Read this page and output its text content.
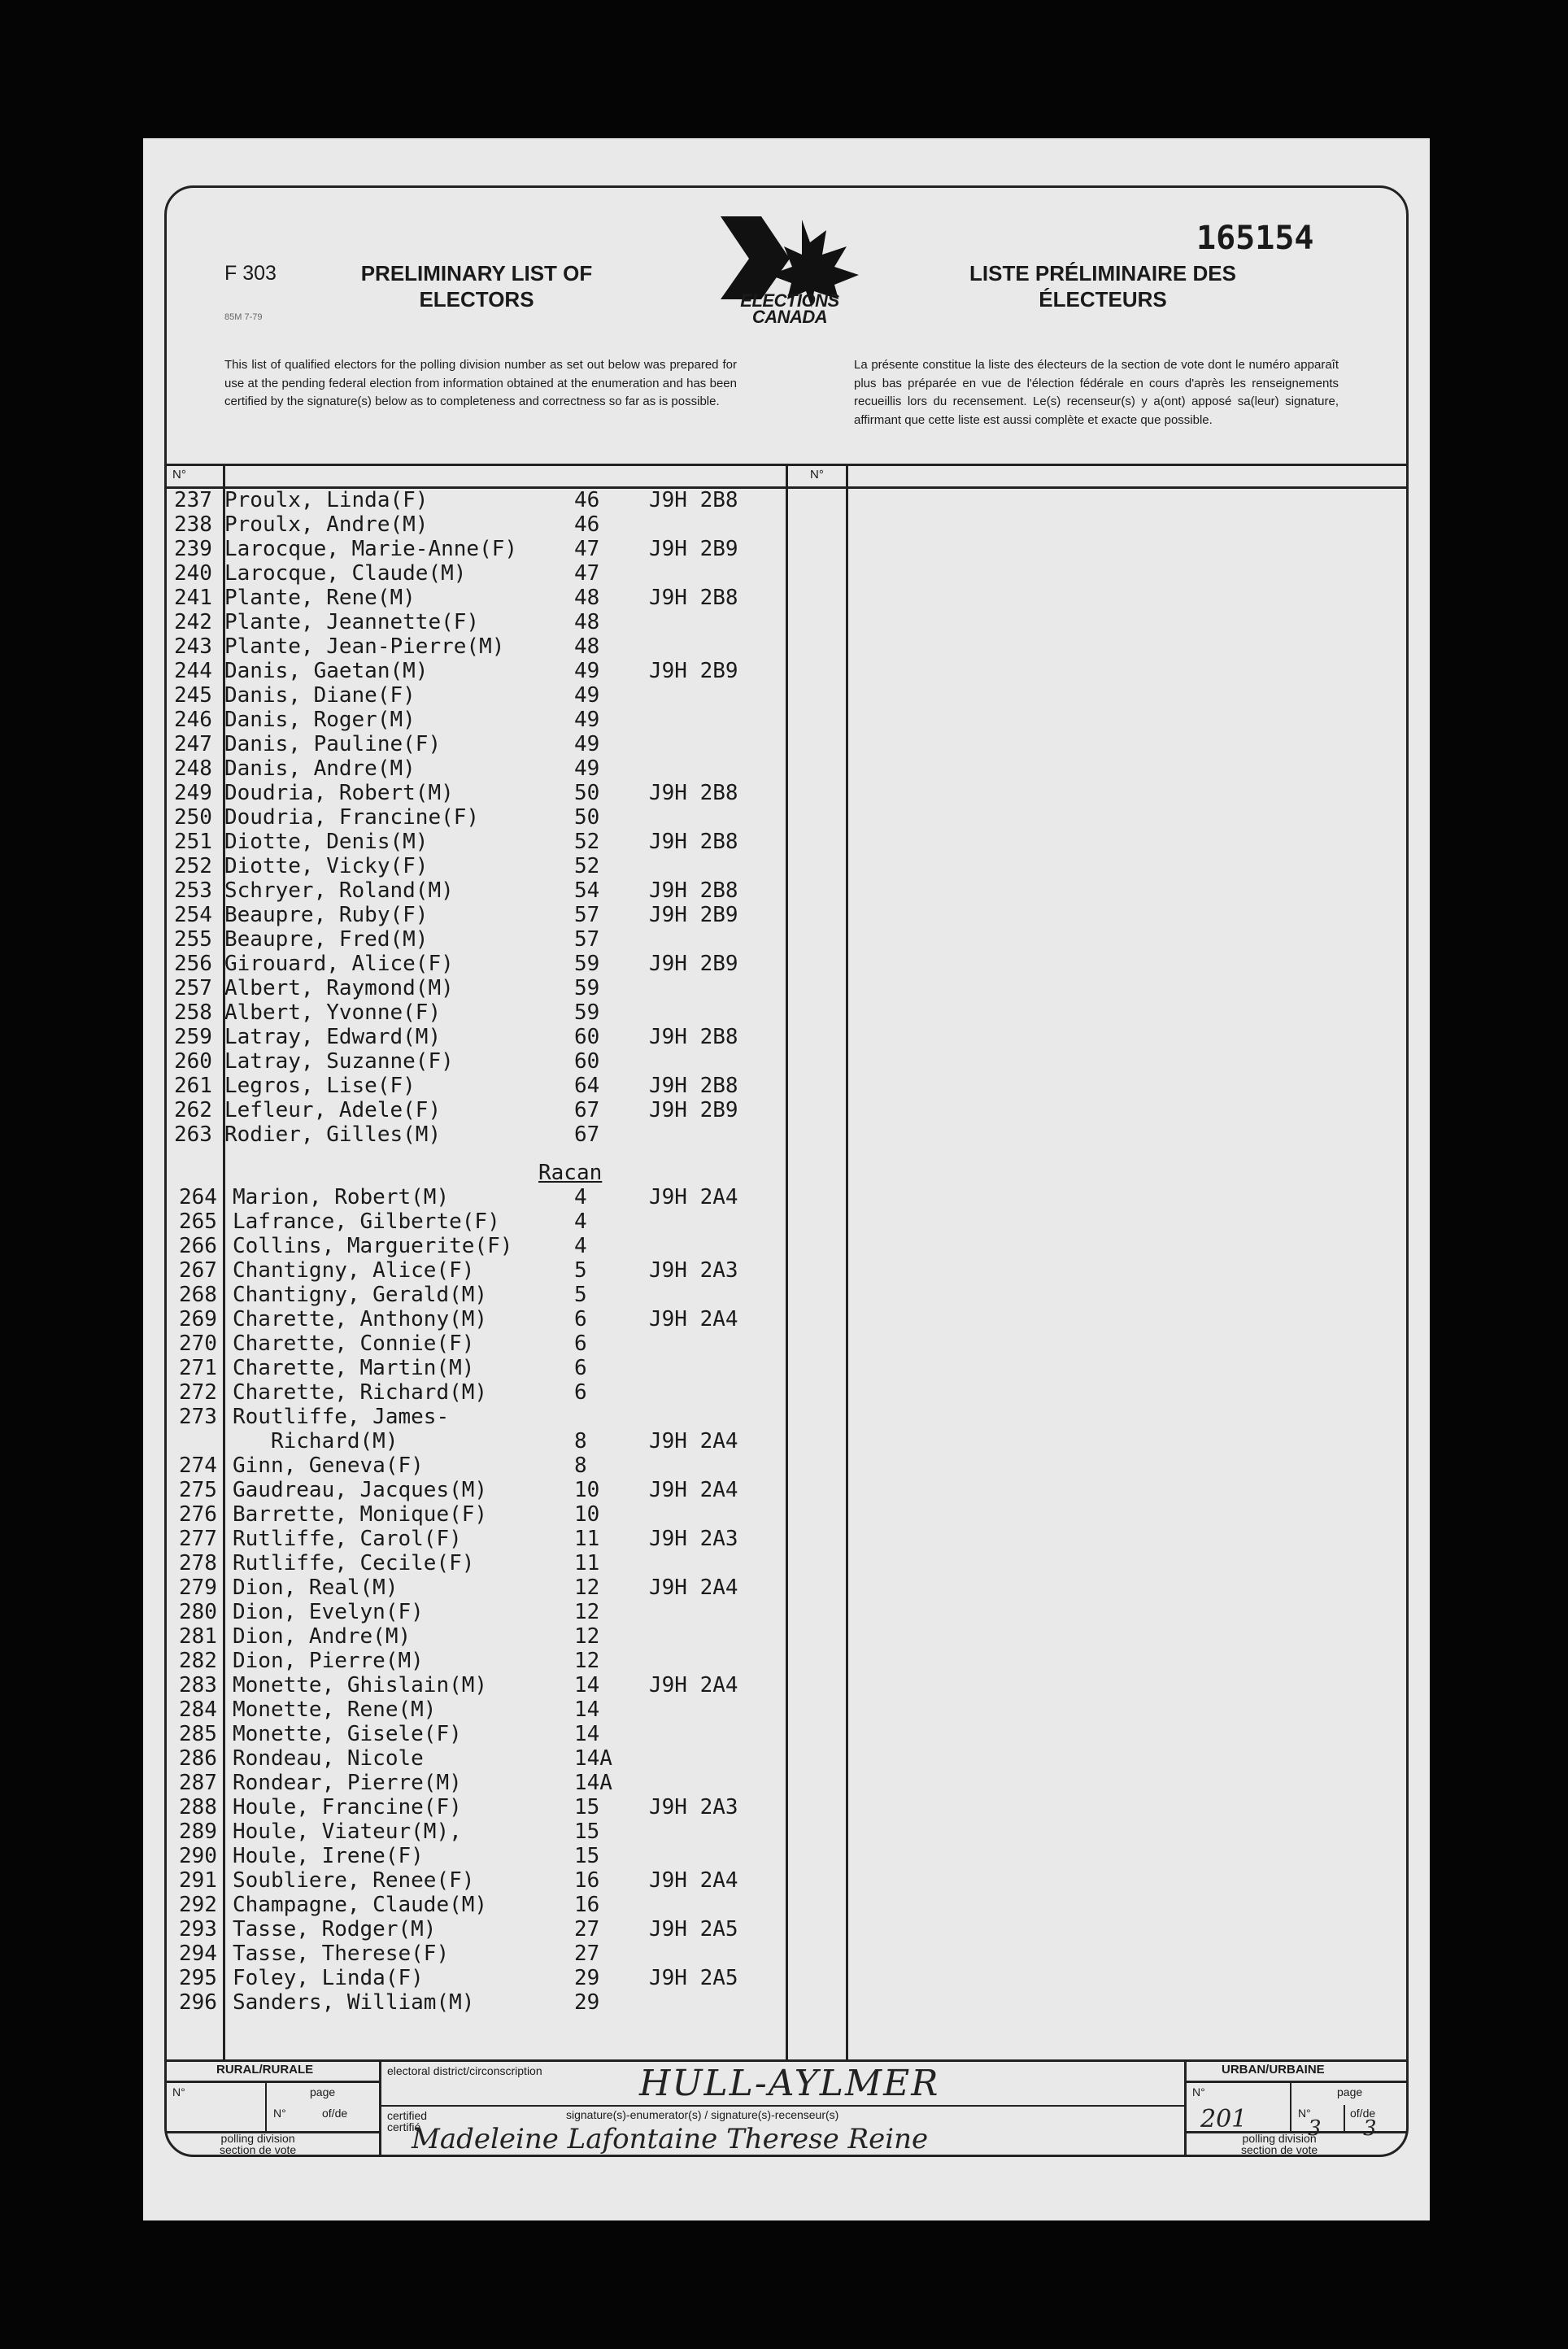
F 303
85M 7-79
PRELIMINARY LIST OF
ELECTORS	ELECTIONS
CANADA
165154
LISTE PRÉLIMINAIRE DES
ÉLECTEURS
This list of qualified electors for the polling division number as set out below was prepared for use at the pending federal election from information obtained at the enumeration and has been certified by the signature(s) below as to completeness and correctness so far as is possible.
La présente constitue la liste des électeurs de la section de vote dont le numéro apparaît plus bas préparée en vue de l'élection fédérale en cours d'après les renseignements recueillis lors du recensement. Le(s) recenseur(s) y a(ont) apposé sa(leur) signature, affirmant que cette liste est aussi complète et exacte que possible.
N°	N°
237 Proulx, Linda(F)	46 J9H 2B8
238 Proulx, Andre(M)	46
239 Larocque, Marie-Anne(F)	47 J9H 2B9
240 Larocque, Claude(M)	47
241 Plante, Rene(M)	48 J9H 2B8
242 Plante, Jeannette(F)	48
243 Plante, Jean-Pierre(M)	48
244 Danis, Gaetan(M)	49 J9H 2B9
245 Danis, Diane(F)	49
246 Danis, Roger(M)	49
247 Danis, Pauline(F)	49
248 Danis, Andre(M)	49
249 Doudria, Robert(M)	50 J9H 2B8
250 Doudria, Francine(F)	50
251 Diotte, Denis(M)	52 J9H 2B8
252 Diotte, Vicky(F)	52
253 Schryer, Roland(M)	54 J9H 2B8
254 Beaupre, Ruby(F)	57 J9H 2B9
255 Beaupre, Fred(M)	57
256 Girouard, Alice(F)	59 J9H 2B9
257 Albert, Raymond(M)	59
258 Albert, Yvonne(F)	59
259 Latray, Edward(M)	60 J9H 2B8
260 Latray, Suzanne(F)	60
261 Legros, Lise(F)	64 J9H 2B8
262 Lefleur, Adele(F)	67 J9H 2B9
263 Rodier, Gilles(M)	67
Racan
264 Marion, Robert(M)	4	J9H 2A4
265 Lafrance, Gilberte(F)	4
266 Collins, Marguerite(F)	4
267 Chantigny, Alice(F)	5	J9H 2A3
268 Chantigny, Gerald(M)	5
269 Charette, Anthony(M)	6	J9H 2A4
270 Charette, Connie(F)	6
271 Charette, Martin(M)	6
272 Charette, Richard(M)	6
273 Routliffe, James-
Richard(M)	8	J9H 2A4
274 Ginn, Geneva(F)	8
275 Gaudreau, Jacques(M)	10 J9H 2A4
276 Barrette, Monique(F)	10
277 Rutliffe, Carol(F)	11 J9H 2A3
278 Rutliffe, Cecile(F)	11
279 Dion, Real(M)	12 J9H 2A4
280 Dion, Evelyn(F)	12
281 Dion, Andre(M)	12
282 Dion, Pierre(M)	12
283 Monette, Ghislain(M)	14 J9H 2A4
284 Monette, Rene(M)	14
285 Monette, Gisele(F)	14
286 Rondeau, Nicole	14A
287 Rondear, Pierre(M)	14A
288 Houle, Francine(F)	15 J9H 2A3
289 Houle, Viateur(M),	15
290 Houle, Irene(F)	15
291 Soubliere, Renee(F)	16 J9H 2A4
292 Champagne, Claude(M)	16
293 Tasse, Rodger(M)	27 J9H 2A5
294 Tasse, Therese(F)	27
295 Foley, Linda(F)	29 J9H 2A5
296 Sanders, William(M)	29
RURAL/RURALE
N°	page
N°	of/de
polling division
section de vote
electoral district/circonscription	HULL-AYLMER
certified
certifié
signature(s)-enumerator(s) / signature(s)-recenseur(s)
Madeleine Lafontaine Therese Reine
URBAN/URBAINE
N°	page
N°	of/de
201	3 3
polling division
section de vote
